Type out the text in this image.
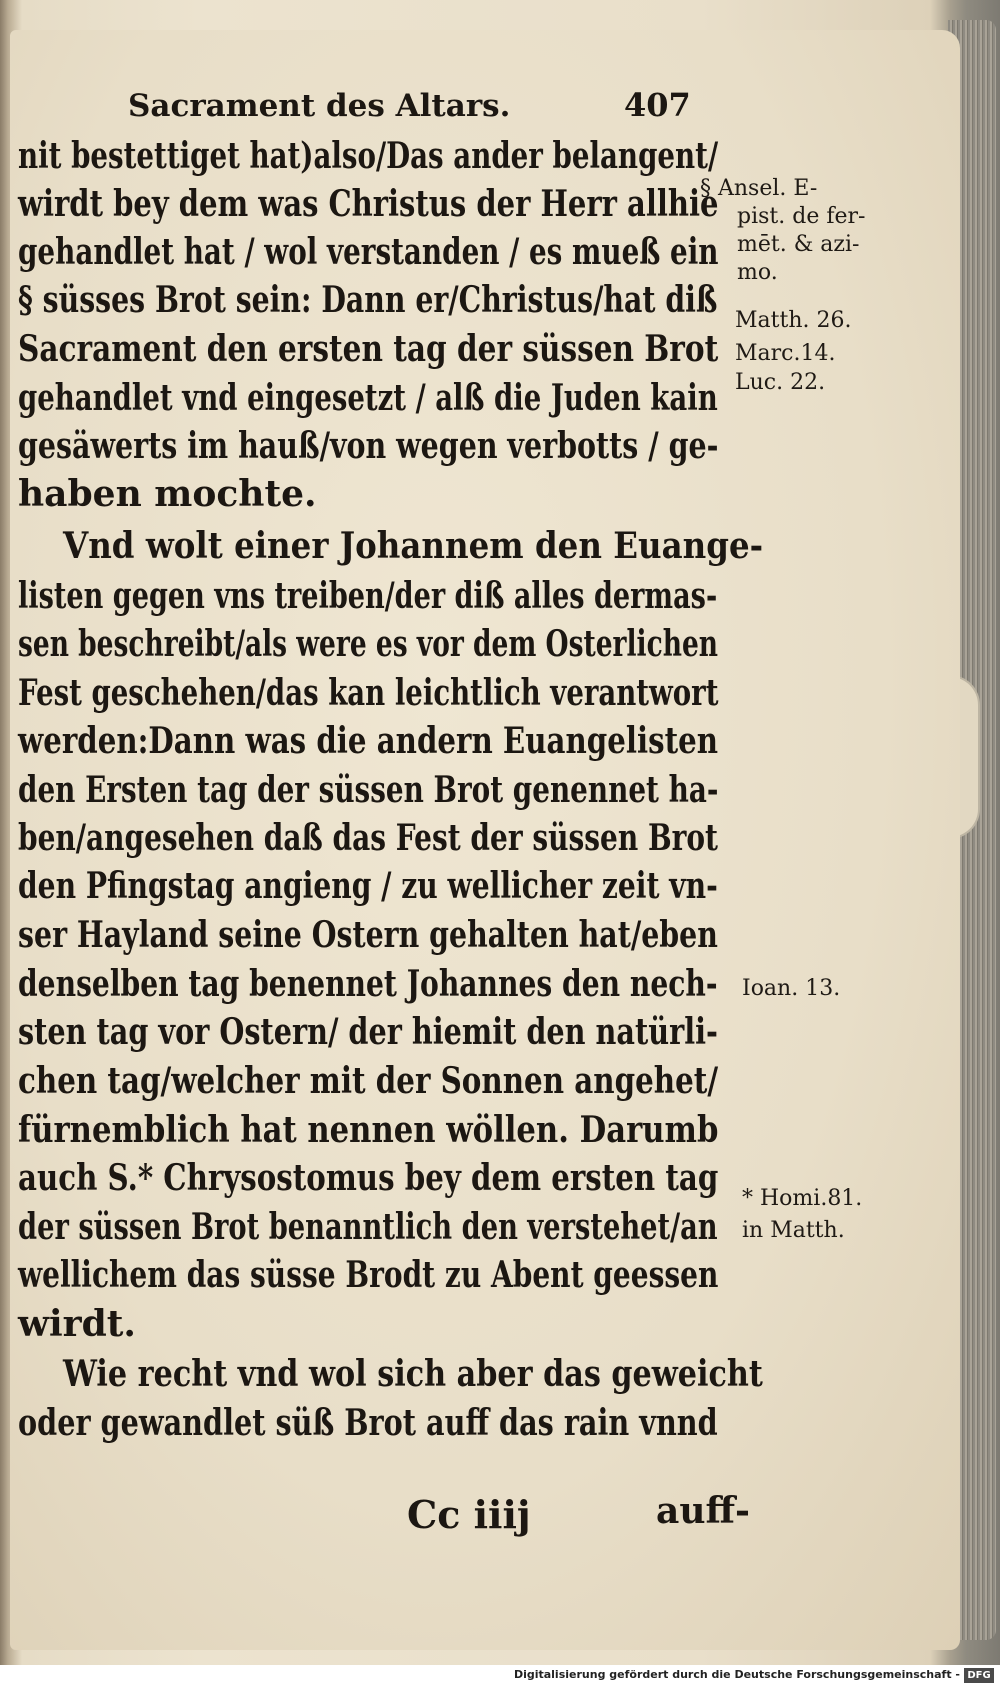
Sacrament des Altars.	407
nit bestettiget hat)also/Das ander belangent/
wirdt bey dem was Christus der Herr allhie
gehandlet hat / wol verstanden / es mueß ein
§ süsses Brot sein: Dann er/Christus/hat diß
Sacrament den ersten tag der süssen Brot
gehandlet vnd eingesetzt / alß die Juden kain
gesäwerts im hauß/von wegen verbotts / ge-
haben mochte.
Vnd wolt einer Johannem den Euange-
listen gegen vns treiben/der diß alles dermas-
sen beschreibt/als were es vor dem Osterlichen
Fest geschehen/das kan leichtlich verantwort
werden:Dann was die andern Euangelisten
den Ersten tag der süssen Brot genennet ha-
ben/angesehen daß das Fest der süssen Brot
den Pfingstag angieng / zu wellicher zeit vn-
ser Hayland seine Ostern gehalten hat/eben
denselben tag benennet Johannes den nech-
sten tag vor Ostern/ der hiemit den natürli-
chen tag/welcher mit der Sonnen angehet/
fürnemblich hat nennen wöllen. Darumb
auch S.* Chrysostomus bey dem ersten tag
der süssen Brot benanntlich den verstehet/an
wellichem das süsse Brodt zu Abent geessen
wirdt.
Wie recht vnd wol sich aber das geweicht
oder gewandlet süß Brot auff das rain vnnd
§ Ansel. E-
pist. de fer-
mēt. & azi-
mo.
Matth. 26.
Marc.14.
Luc. 22.
Ioan. 13.
* Homi.81.
in Matth.
Cc iiij	auff-
Digitalisierung gefördert durch die Deutsche Forschungsgemeinschaft - DFG
